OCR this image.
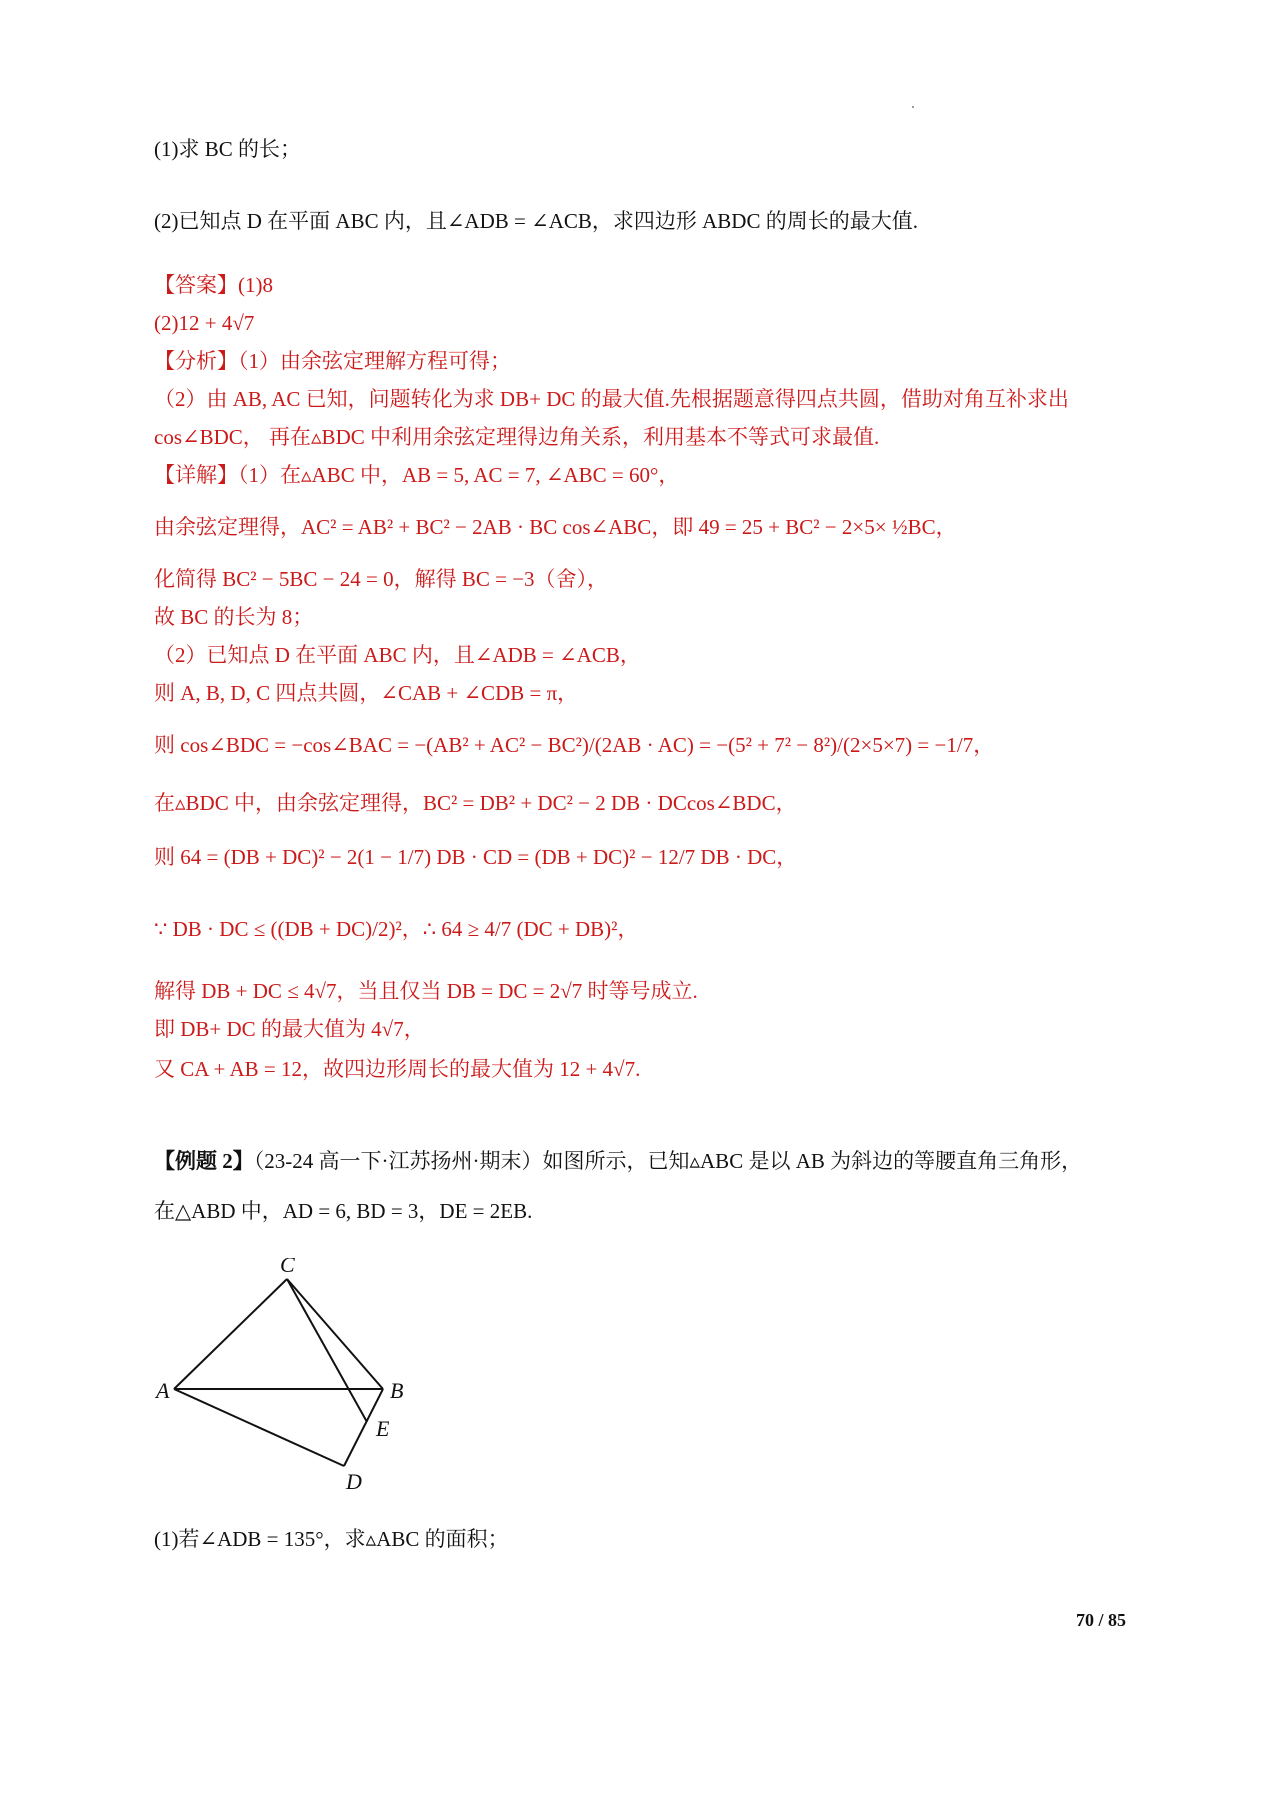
(1)求 BC 的长；
(2)已知点 D 在平面 ABC 内，且∠ADB = ∠ACB，求四边形 ABDC 的周长的最大值.
【答案】(1)8
(2)12 + 4√7
【分析】（1）由余弦定理解方程可得；
（2）由 AB, AC 已知，问题转化为求 DB+ DC 的最大值.先根据题意得四点共圆，借助对角互补求出
cos∠BDC， 再在▵BDC 中利用余弦定理得边角关系，利用基本不等式可求最值.
【详解】（1）在▵ABC 中，AB = 5, AC = 7, ∠ABC = 60°，
由余弦定理得，AC² = AB² + BC² − 2AB · BC cos∠ABC，即 49 = 25 + BC² − 2×5× ½BC，
化简得 BC² − 5BC − 24 = 0，解得 BC = −3（舍），
故 BC 的长为 8；
（2）已知点 D 在平面 ABC 内，且∠ADB = ∠ACB，
则 A, B, D, C 四点共圆，∠CAB + ∠CDB = π，
则 cos∠BDC = −cos∠BAC = −(AB² + AC² − BC²)/(2AB · AC) = −(5² + 7² − 8²)/(2×5×7) = −1/7，
在▵BDC 中，由余弦定理得，BC² = DB² + DC² − 2 DB · DCcos∠BDC，
则 64 = (DB + DC)² − 2(1 − 1/7) DB · CD = (DB + DC)² − 12/7 DB · DC，
∵ DB · DC ≤ ((DB + DC)/2)²，∴ 64 ≥ 4/7 (DC + DB)²，
解得 DB + DC ≤ 4√7，当且仅当 DB = DC = 2√7 时等号成立.
即 DB+ DC 的最大值为 4√7，
又 CA + AB = 12，故四边形周长的最大值为 12 + 4√7.
【例题 2】（23-24 高一下·江苏扬州·期末）如图所示，已知▵ABC 是以 AB 为斜边的等腰直角三角形，
在△ABD 中，AD = 6, BD = 3，DE = 2EB.
C
A	B
E
D
(1)若∠ADB = 135°，求▵ABC 的面积；
70 / 85
